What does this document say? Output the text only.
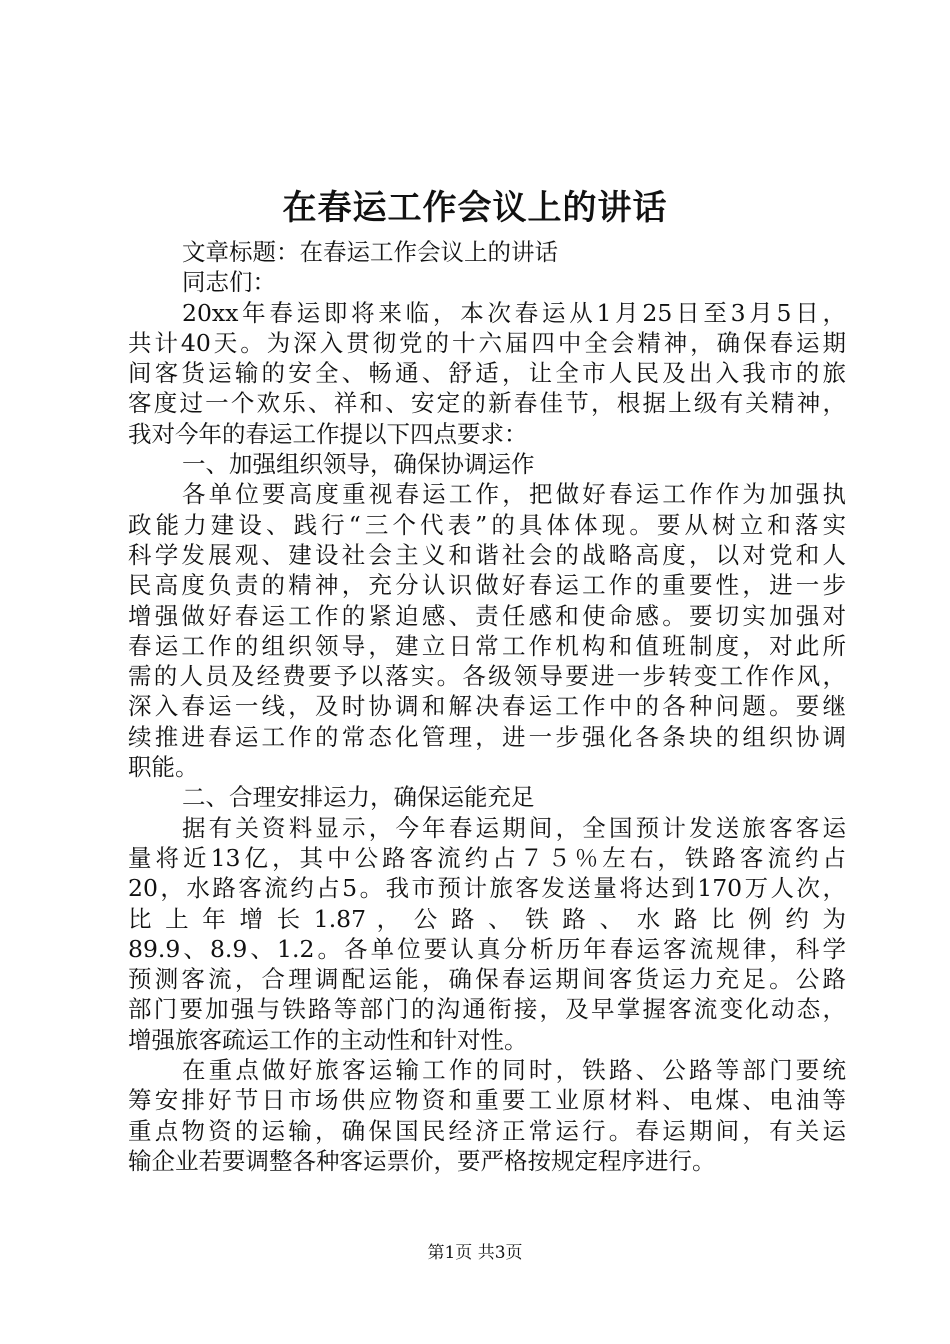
在春运工作会议上的讲话
文章标题：在春运工作会议上的讲话
同志们：
20xx年春运即将来临，本次春运从1月25日至3月5日，
共计40天。为深入贯彻党的十六届四中全会精神，确保春运期
间客货运输的安全、畅通、舒适，让全市人民及出入我市的旅
客度过一个欢乐、祥和、安定的新春佳节，根据上级有关精神，
我对今年的春运工作提以下四点要求：
一、加强组织领导，确保协调运作
各单位要高度重视春运工作，把做好春运工作作为加强执
政能力建设、践行“三个代表”的具体体现。要从树立和落实
科学发展观、建设社会主义和谐社会的战略高度，以对党和人
民高度负责的精神，充分认识做好春运工作的重要性，进一步
增强做好春运工作的紧迫感、责任感和使命感。要切实加强对
春运工作的组织领导，建立日常工作机构和值班制度，对此所
需的人员及经费要予以落实。各级领导要进一步转变工作作风，
深入春运一线，及时协调和解决春运工作中的各种问题。要继
续推进春运工作的常态化管理，进一步强化各条块的组织协调
职能。
二、合理安排运力，确保运能充足
据有关资料显示，今年春运期间，全国预计发送旅客客运
量将近13亿，其中公路客流约占７５％左右，铁路客流约占
20，水路客流约占5。我市预计旅客发送量将达到170万人次，
比 上 年 增 长 1.87 ， 公 路 、 铁 路 、 水 路 比 例 约 为
89.9、8.9、1.2。各单位要认真分析历年春运客流规律，科学
预测客流，合理调配运能，确保春运期间客货运力充足。公路
部门要加强与铁路等部门的沟通衔接，及早掌握客流变化动态，
增强旅客疏运工作的主动性和针对性。
在重点做好旅客运输工作的同时，铁路、公路等部门要统
筹安排好节日市场供应物资和重要工业原材料、电煤、电油等
重点物资的运输，确保国民经济正常运行。春运期间，有关运
输企业若要调整各种客运票价，要严格按规定程序进行。
第1页 共3页
